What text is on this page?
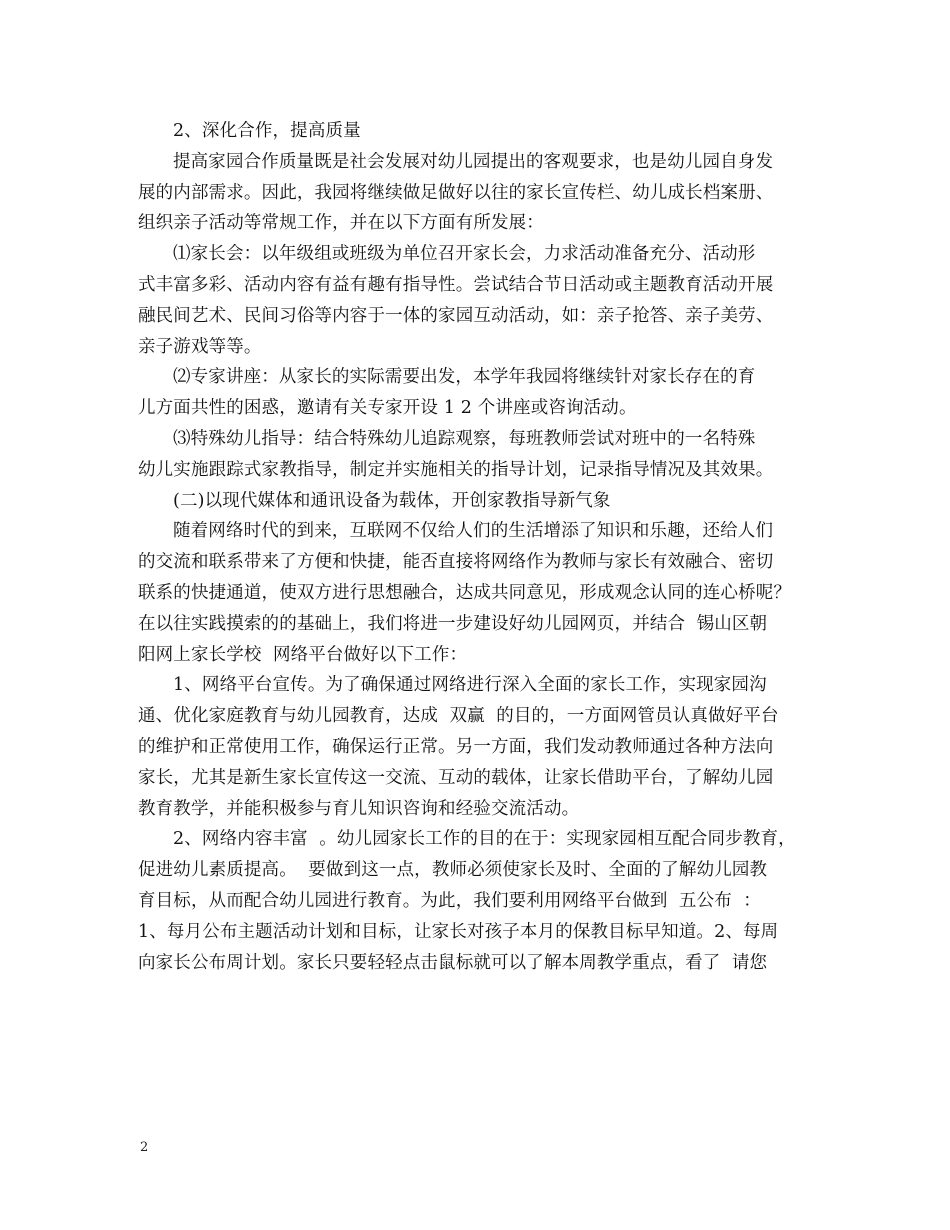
2、深化合作，提高质量
提高家园合作质量既是社会发展对幼儿园提出的客观要求，也是幼儿园自身发
展的内部需求。因此，我园将继续做足做好以往的家长宣传栏、幼儿成长档案册、
组织亲子活动等常规工作，并在以下方面有所发展：
⑴家长会：以年级组或班级为单位召开家长会，力求活动准备充分、活动形
式丰富多彩、活动内容有益有趣有指导性。尝试结合节日活动或主题教育活动开展
融民间艺术、民间习俗等内容于一体的家园互动活动，如：亲子抢答、亲子美劳、
亲子游戏等等。
⑵专家讲座：从家长的实际需要出发，本学年我园将继续针对家长存在的育
儿方面共性的困惑，邀请有关专家开设 1 2 个讲座或咨询活动。
⑶特殊幼儿指导：结合特殊幼儿追踪观察，每班教师尝试对班中的一名特殊
幼儿实施跟踪式家教指导，制定并实施相关的指导计划，记录指导情况及其效果。
(二)以现代媒体和通讯设备为载体，开创家教指导新气象
随着网络时代的到来，互联网不仅给人们的生活增添了知识和乐趣，还给人们
的交流和联系带来了方便和快捷，能否直接将网络作为教师与家长有效融合、密切
联系的快捷通道，使双方进行思想融合，达成共同意见，形成观念认同的连心桥呢？
在以往实践摸索的的基础上，我们将进一步建设好幼儿园网页，并结合  锡山区朝
阳网上家长学校  网络平台做好以下工作：
1、网络平台宣传。为了确保通过网络进行深入全面的家长工作，实现家园沟
通、优化家庭教育与幼儿园教育，达成  双赢  的目的，一方面网管员认真做好平台
的维护和正常使用工作，确保运行正常。另一方面，我们发动教师通过各种方法向
家长，尤其是新生家长宣传这一交流、互动的载体，让家长借助平台，了解幼儿园
教育教学，并能积极参与育儿知识咨询和经验交流活动。
2、网络内容丰富  。幼儿园家长工作的目的在于：实现家园相互配合同步教育，
促进幼儿素质提高。  要做到这一点，教师必须使家长及时、全面的了解幼儿园教
育目标，从而配合幼儿园进行教育。为此，我们要利用网络平台做到  五公布  ：
1、每月公布主题活动计划和目标，让家长对孩子本月的保教目标早知道。2、每周
向家长公布周计划。家长只要轻轻点击鼠标就可以了解本周教学重点，看了  请您
2
